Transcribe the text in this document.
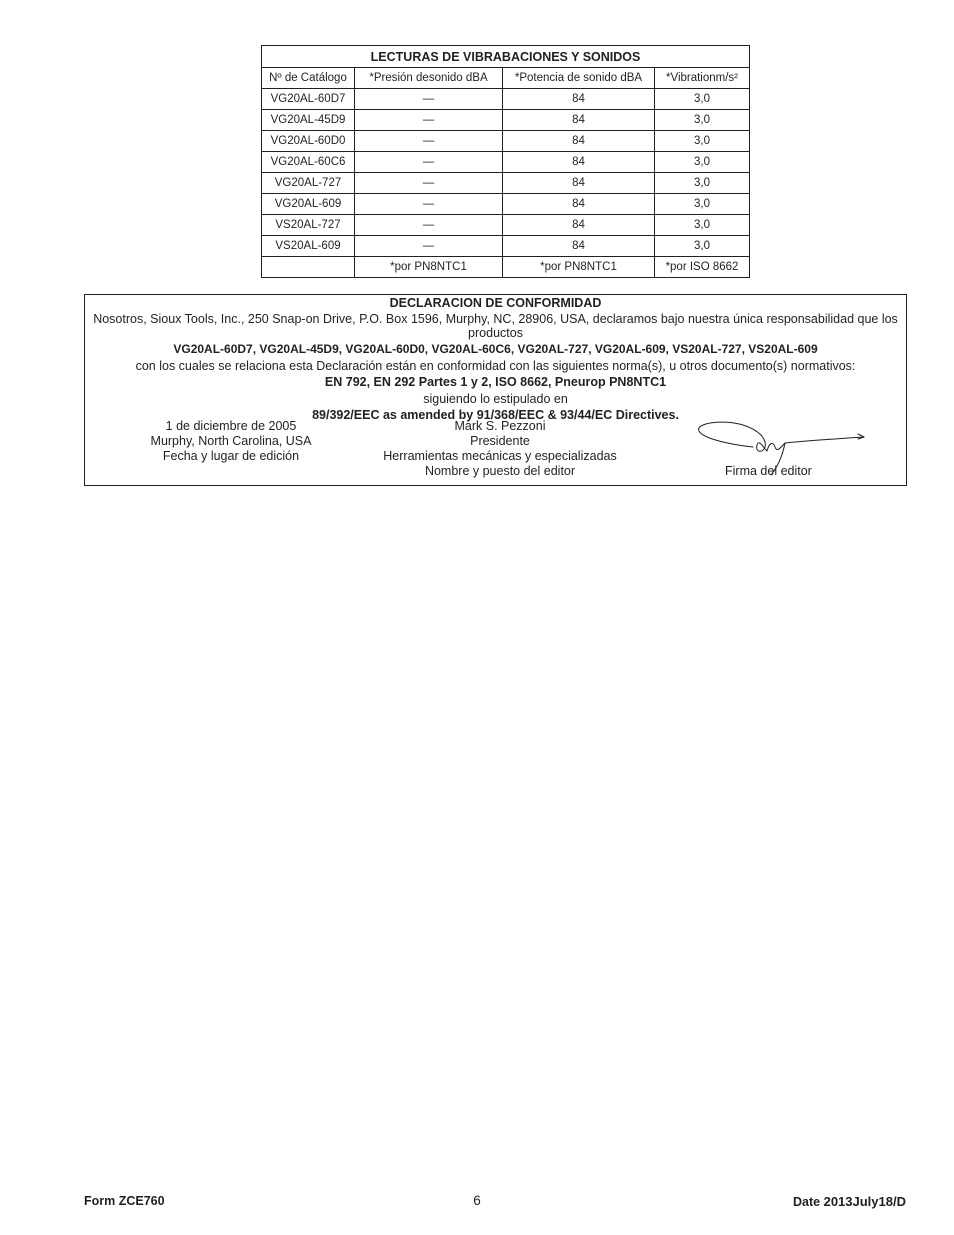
LECTURAS DE VIBRABACIONES Y SONIDOS			
Nº de Catálogo	*Presión desonido dBA	*Potencia de sonido dBA	*Vibrationm/s²
VG20AL-60D7	—	84	3,0
VG20AL-45D9	—	84	3,0
VG20AL-60D0	—	84	3,0
VG20AL-60C6	—	84	3,0
VG20AL-727	—	84	3,0
VG20AL-609	—	84	3,0
VS20AL-727	—	84	3,0
VS20AL-609	—	84	3,0
	*por PN8NTC1	*por PN8NTC1	*por ISO 8662
DECLARACION DE CONFORMIDAD
Nosotros, Sioux Tools, Inc., 250 Snap-on Drive, P.O. Box 1596, Murphy, NC, 28906, USA, declaramos bajo nuestra única responsabilidad que los
productos
VG20AL-60D7, VG20AL-45D9, VG20AL-60D0, VG20AL-60C6, VG20AL-727, VG20AL-609, VS20AL-727, VS20AL-609
con los cuales se relaciona esta Declaración están en conformidad con las siguientes norma(s), u otros documento(s) normativos:
EN 792, EN 292 Partes 1 y 2, ISO 8662, Pneurop PN8NTC1
siguiendo lo estipulado en
89/392/EEC as amended by 91/368/EEC & 93/44/EC Directives.
1 de diciembre de 2005
Murphy, North Carolina, USA
Fecha y lugar de edición
Mark S. Pezzoni
Presidente
Herramientas mecánicas y especializadas
Nombre y puesto del editor	Firma del editor
Form ZCE760	6	Date 2013July18/D
